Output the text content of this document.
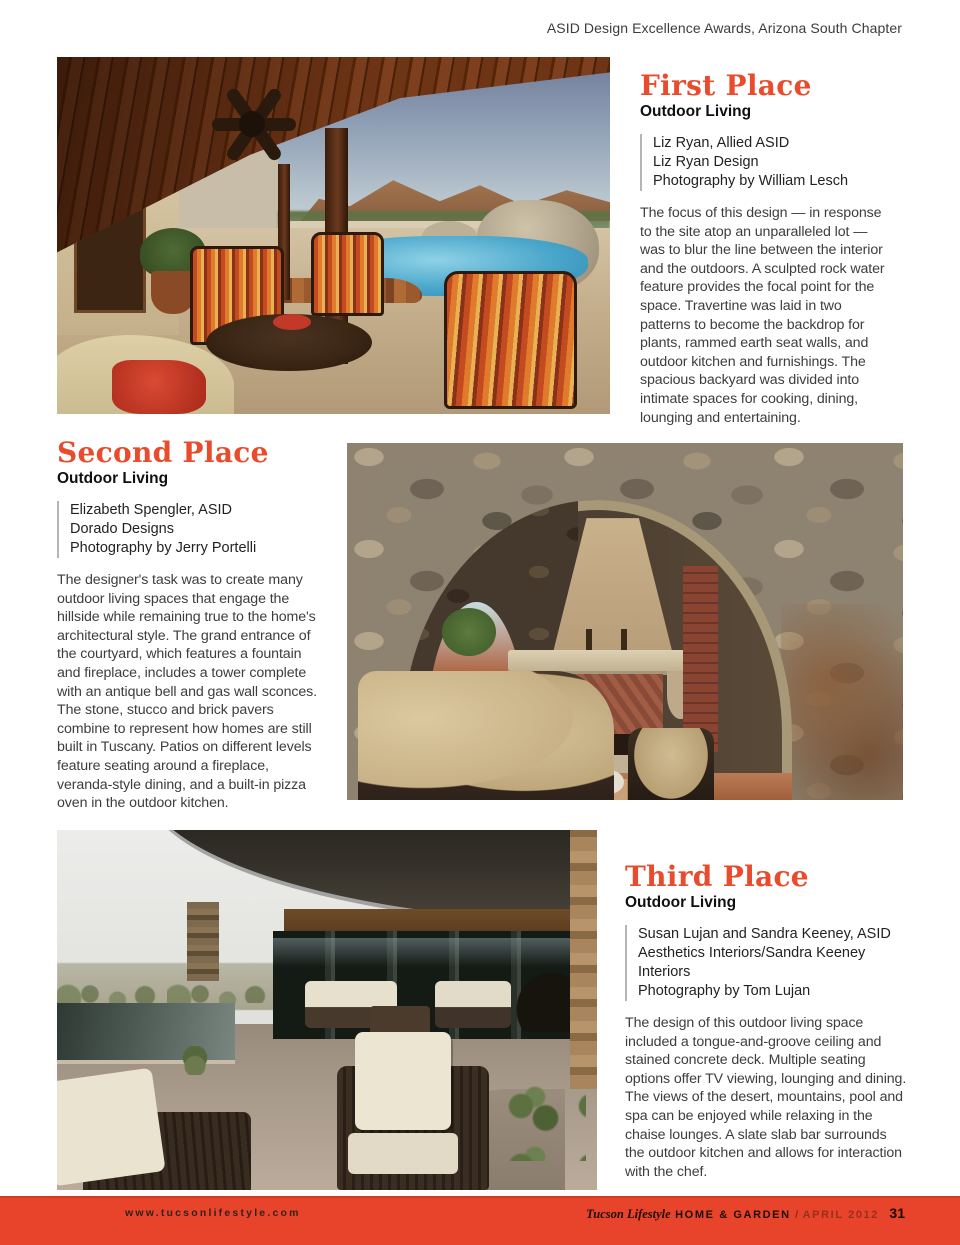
ASID Design Excellence Awards, Arizona South Chapter
First Place
Outdoor Living
Liz Ryan, Allied ASID
Liz Ryan Design
Photography by William Lesch
The focus of this design — in response to the site atop an unparalleled lot — was to blur the line between the interior and the outdoors. A sculpted rock water feature provides the focal point for the space. Travertine was laid in two patterns to become the backdrop for plants, rammed earth seat walls, and outdoor kitchen and furnishings. The spacious backyard was divided into intimate spaces for cooking, dining, lounging and entertaining.
Second Place
Outdoor Living
Elizabeth Spengler, ASID
Dorado Designs
Photography by Jerry Portelli
The designer's task was to create many outdoor living spaces that engage the hillside while remaining true to the home's architectural style. The grand entrance of the courtyard, which features a fountain and fireplace, includes a tower complete with an antique bell and gas wall sconces. The stone, stucco and brick pavers combine to represent how homes are still built in Tuscany. Patios on different levels feature seating around a fireplace, veranda-style dining, and a built-in pizza oven in the outdoor kitchen.
Third Place
Outdoor Living
Susan Lujan and Sandra Keeney, ASID
Aesthetics Interiors/Sandra Keeney Interiors
Photography by Tom Lujan
The design of this outdoor living space included a tongue-and-groove ceiling and stained concrete deck. Multiple seating options offer TV viewing, lounging and dining. The views of the desert, mountains, pool and spa can be enjoyed while relaxing in the chaise lounges. A slate slab bar surrounds the outdoor kitchen and allows for interaction with the chef.
www.tucsonlifestyle.com	Tucson Lifestyle HOME & GARDEN / APRIL 2012 31
